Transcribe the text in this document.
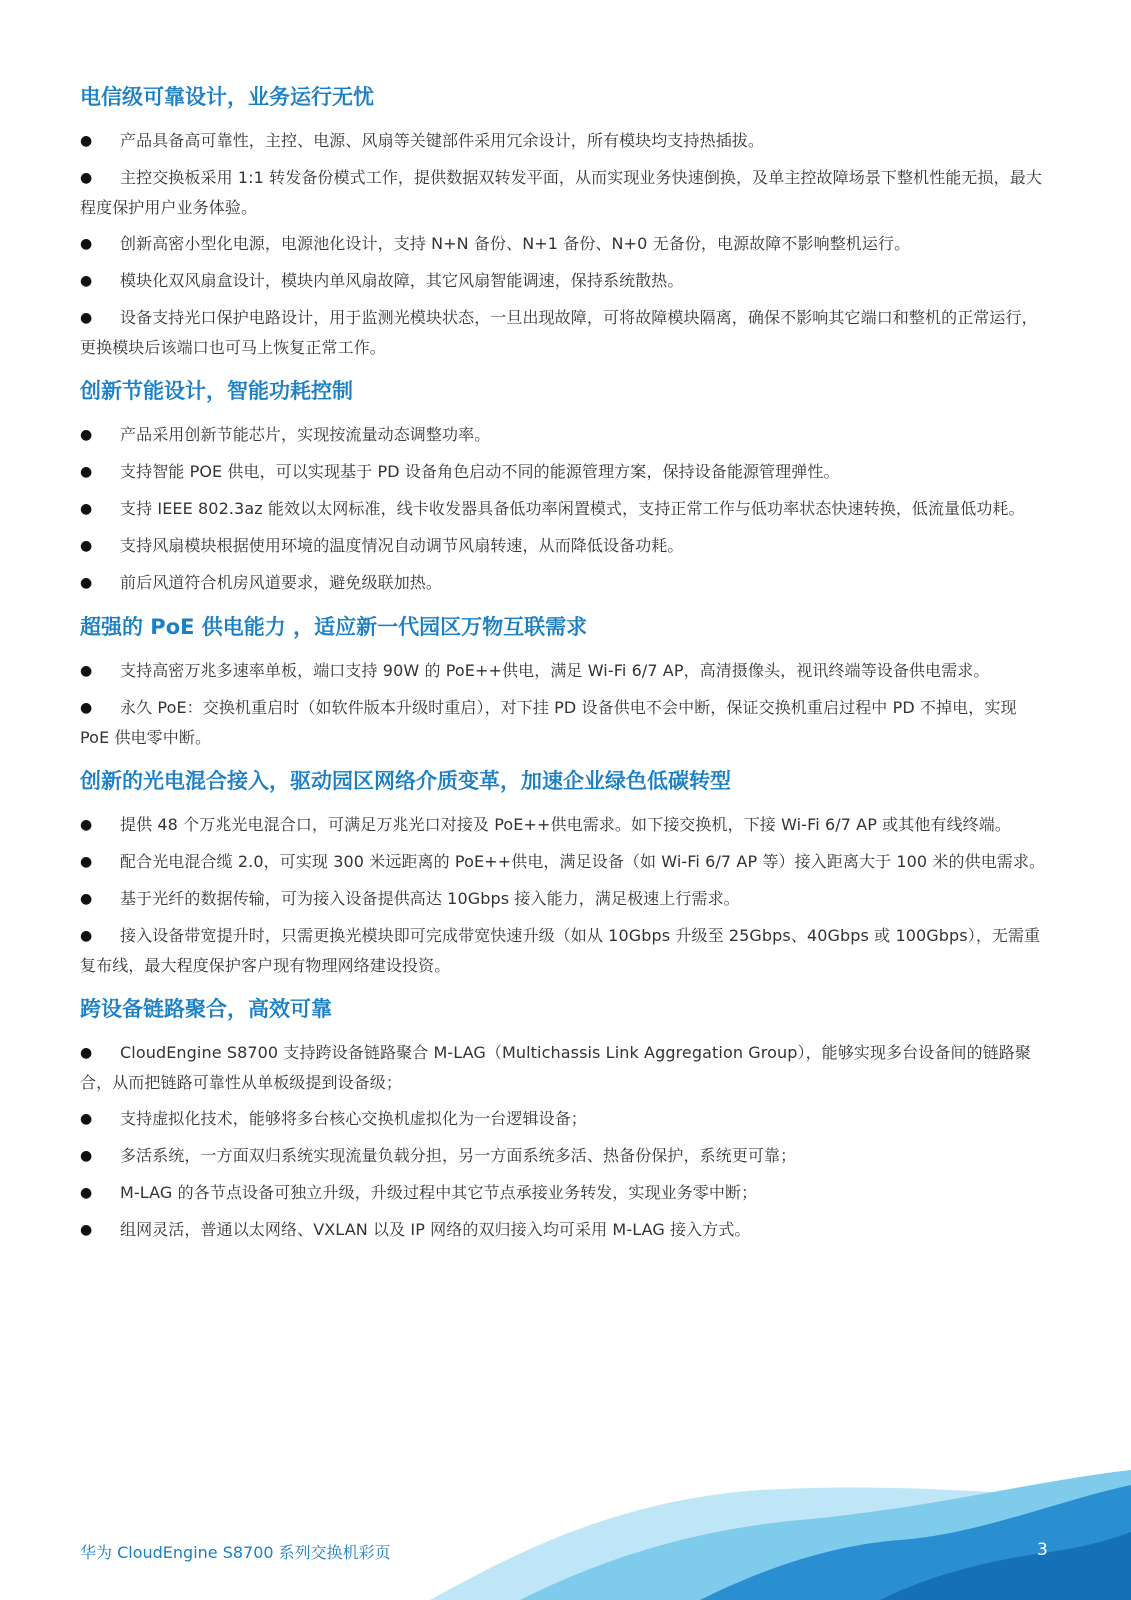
电信级可靠设计，业务运行无忧
● 产品具备高可靠性，主控、电源、风扇等关键部件采用冗余设计，所有模块均支持热插拔。
● 主控交换板采用 1:1 转发备份模式工作，提供数据双转发平面，从而实现业务快速倒换，及单主控故障场景下整机性能无损，最大程度保护用户业务体验。
● 创新高密小型化电源，电源池化设计，支持 N+N 备份、N+1 备份、N+0 无备份，电源故障不影响整机运行。
● 模块化双风扇盒设计，模块内单风扇故障，其它风扇智能调速，保持系统散热。
● 设备支持光口保护电路设计，用于监测光模块状态，一旦出现故障，可将故障模块隔离，确保不影响其它端口和整机的正常运行，更换模块后该端口也可马上恢复正常工作。
创新节能设计，智能功耗控制
● 产品采用创新节能芯片，实现按流量动态调整功率。
● 支持智能 POE 供电，可以实现基于 PD 设备角色启动不同的能源管理方案，保持设备能源管理弹性。
● 支持 IEEE 802.3az 能效以太网标准，线卡收发器具备低功率闲置模式，支持正常工作与低功率状态快速转换，低流量低功耗。
● 支持风扇模块根据使用环境的温度情况自动调节风扇转速，从而降低设备功耗。
● 前后风道符合机房风道要求，避免级联加热。
超强的 PoE 供电能力 ，适应新一代园区万物互联需求
● 支持高密万兆多速率单板，端口支持 90W 的 PoE++供电，满足 Wi-Fi 6/7 AP，高清摄像头，视讯终端等设备供电需求。
● 永久 PoE：交换机重启时（如软件版本升级时重启），对下挂 PD 设备供电不会中断，保证交换机重启过程中 PD 不掉电，实现 PoE 供电零中断。
创新的光电混合接入，驱动园区网络介质变革，加速企业绿色低碳转型
● 提供 48 个万兆光电混合口，可满足万兆光口对接及 PoE++供电需求。如下接交换机，下接 Wi-Fi 6/7 AP 或其他有线终端。
● 配合光电混合缆 2.0，可实现 300 米远距离的 PoE++供电，满足设备（如 Wi-Fi 6/7 AP 等）接入距离大于 100 米的供电需求。
● 基于光纤的数据传输，可为接入设备提供高达 10Gbps 接入能力，满足极速上行需求。
● 接入设备带宽提升时，只需更换光模块即可完成带宽快速升级（如从 10Gbps 升级至 25Gbps、40Gbps 或 100Gbps），无需重复布线，最大程度保护客户现有物理网络建设投资。
跨设备链路聚合，高效可靠
● CloudEngine S8700 支持跨设备链路聚合 M-LAG（Multichassis Link Aggregation Group），能够实现多台设备间的链路聚合，从而把链路可靠性从单板级提到设备级；
● 支持虚拟化技术，能够将多台核心交换机虚拟化为一台逻辑设备；
● 多活系统，一方面双归系统实现流量负载分担，另一方面系统多活、热备份保护，系统更可靠；
● M-LAG 的各节点设备可独立升级，升级过程中其它节点承接业务转发，实现业务零中断；
● 组网灵活，普通以太网络、VXLAN 以及 IP 网络的双归接入均可采用 M-LAG 接入方式。
华为 CloudEngine S8700 系列交换机彩页	3
